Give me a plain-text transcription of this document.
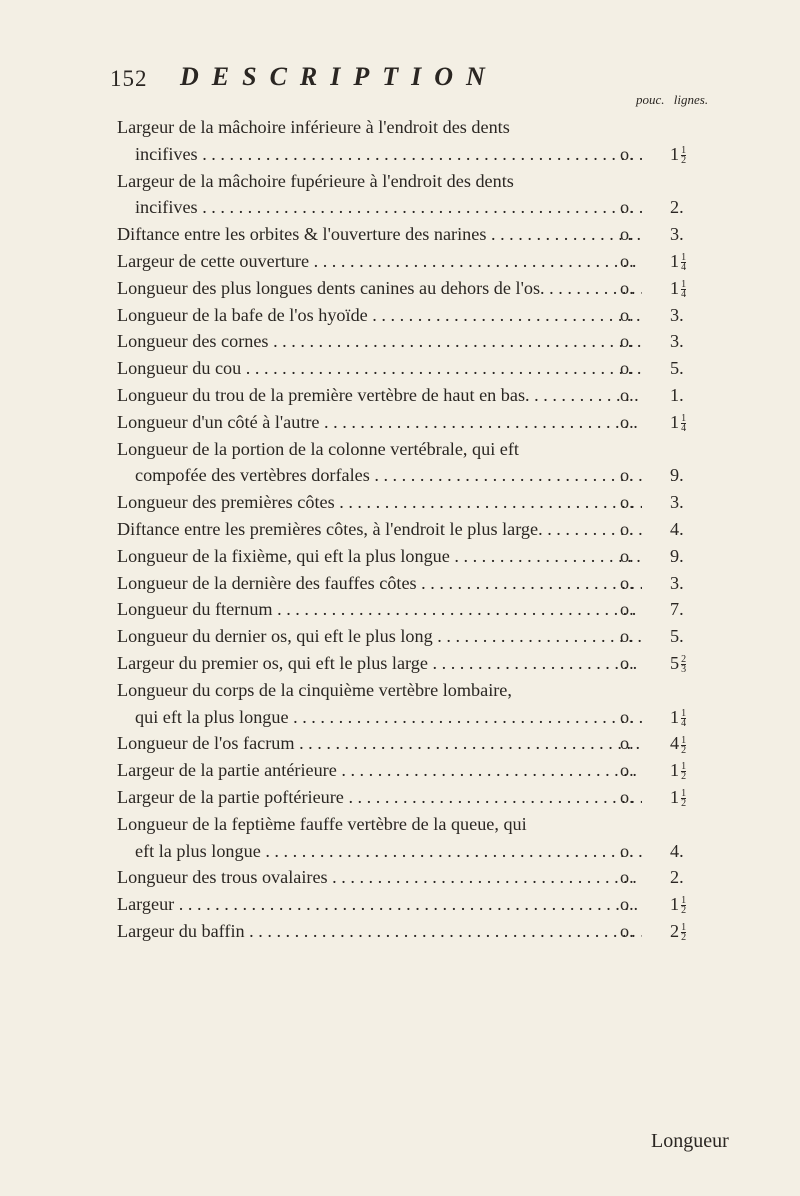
152 DESCRIPTION
pouc. lignes.
Largeur de la mâchoire inférieure à l'endroit des dents
incifives . . .	o. $1 \frac{1}{2}$
Largeur de la mâchoire fupérieure à l'endroit des dents
incifives . . .	o. 2.
Diftance entre les orbites & l'ouverture des narines . . .	o. 3.
Largeur de cette ouverture . . .	o. $1 \frac{1}{4}$
Longueur des plus longues dents canines au dehors de l'os. . . .	o. $1 \frac{1}{4}$
Longueur de la bafe de l'os hyoïde . . .	o. 3.
Longueur des cornes . . .	o. 3.
Longueur du cou . . .	o. 5.
Longueur du trou de la première vertèbre de haut en bas. . . .	o. 1.
Longueur d'un côté à l'autre . . .	o. $1 \frac{1}{4}$
Longueur de la portion de la colonne vertébrale, qui eft
compofée des vertèbres dorfales . . .	o. 9.
Longueur des premières côtes . . .	o. 3.
Diftance entre les premières côtes, à l'endroit le plus large. . . .	o. 4.
Longueur de la fixième, qui eft la plus longue . . .	o. 9.
Longueur de la dernière des fauffes côtes . . .	o. 3.
Longueur du fternum . . .	o. 7.
Longueur du dernier os, qui eft le plus long . . .	o. 5.
Largeur du premier os, qui eft le plus large . . .	o. $5 \frac{2}{3}$
Longueur du corps de la cinquième vertèbre lombaire,
qui eft la plus longue . . .	o. $1 \frac{1}{4}$
Longueur de l'os facrum . . .	o. $4 \frac{1}{2}$
Largeur de la partie antérieure . . .	o. $1 \frac{1}{2}$
Largeur de la partie poftérieure . . .	o. $1 \frac{1}{2}$
Longueur de la feptième fauffe vertèbre de la queue, qui
eft la plus longue . . .	o. 4.
Longueur des trous ovalaires . . .	o. 2.
Largeur . . .	o. $1 \frac{1}{2}$
Largeur du baffin . . .	o. $2 \frac{1}{2}$
Longueur
